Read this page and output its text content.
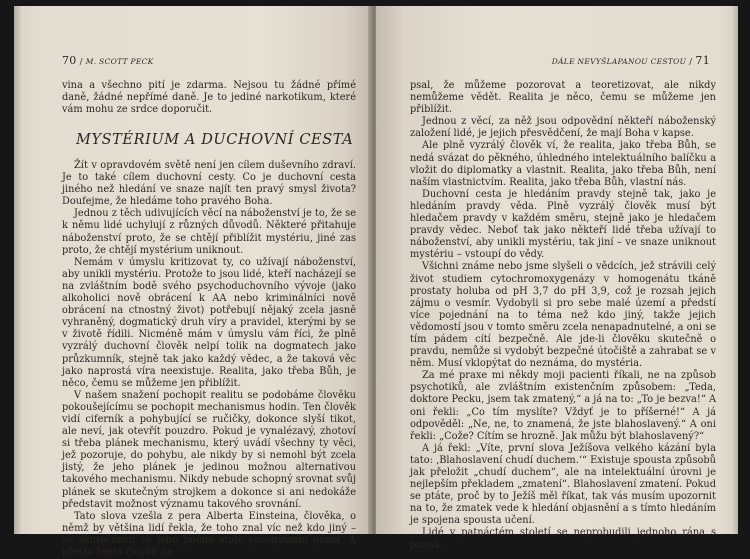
70 / M. SCOTT PECK

vina a všechno pití je zdarma. Nejsou tu žádné přímé daně, žádné nepřímé daně. Je to jediné narkotikum, které vám mohu ze srdce doporučit.

MYSTÉRIUM A DUCHOVNÍ CESTA

Žít v opravdovém světě není jen cílem duševního zdraví. Je to také cílem duchovní cesty. Co je duchovní cesta jiného než hledání ve snaze najít ten pravý smysl života? Doufejme, že hledáme toho pravého Boha.

Jednou z těch udivujících věcí na náboženství je to, že se k němu lidé uchylují z různých důvodů. Některé přitahuje náboženství proto, že se chtějí přiblížit mystériu, jiné zas proto, že chtějí mystérium uniknout.

Nemám v úmyslu kritizovat ty, co užívají náboženství, aby unikli mystériu. Protože to jsou lidé, kteří nacházejí se na zvláštním bodě svého psychoduchovního vývoje (jako alkoholici nově obrácení k AA nebo kriminálníci nově obrácení na ctnostný život) potřebují nějaký zcela jasně vyhraněný, dogmatický druh víry a pravidel, kterými by se v životě řídili. Nicméně mám v úmyslu vám říci, že plně vyzrálý duchovní člověk nelpí tolik na dogmatech jako průzkumník, stejně tak jako každý vědec, a že taková věc jako naprostá víra neexistuje. Realita, jako třeba Bůh, je něco, čemu se můžeme jen přiblížit.

V našem snažení pochopit realitu se podobáme člověku pokoušejícímu se pochopit mechanismus hodin. Ten člověk vidí ciferník a pohybující se ručičky, dokonce slyší tikot, ale neví, jak otevřít pouzdro. Pokud je vynalézavý, zhotoví si třeba plánek mechanismu, který uvádí všechny ty věci, jež pozoruje, do pohybu, ale nikdy by si nemohl být zcela jistý, že jeho plánek je jedinou možnou alternativou takového mechanismu. Nikdy nebude schopný srovnat svůj plánek se skutečným strojkem a dokonce si ani nedokáže představit možnost významu takového srovnání.

Tato slova vzešla z pera Alberta Einsteina, člověka, o němž by většina lidí řekla, že toho znal víc než kdo jiný – ve skutečnosti se jeho jméno stalo synonymem génia. A přesto tento člověk na-

DÁLE NEVYŠLAPANOU CESTOU / 71

psal, že můžeme pozorovat a teoretizovat, ale nikdy nemůžeme vědět. Realita je něco, čemu se můžeme jen přiblížit.

Jednou z věcí, za něž jsou odpovědní někteří náboženský založení lidé, je jejich přesvědčení, že mají Boha v kapse.

Ale plně vyzrálý člověk ví, že realita, jako třeba Bůh, se nedá svázat do pěkného, úhledného intelektuálního balíčku a vložit do diplomatky a vlastnit. Realita, jako třeba Bůh, není naším vlastnictvím. Realita, jako třeba Bůh, vlastní nás.

Duchovní cesta je hledáním pravdy stejně tak, jako je hledáním pravdy věda. Plně vyzrálý člověk musí být hledačem pravdy v každém směru, stejně jako je hledačem pravdy vědec. Neboť tak jako někteří lidé třeba užívají to náboženství, aby unikli mystériu, tak jiní – ve snaze uniknout mystériu – vstoupí do vědy.

Všichni známe nebo jsme slyšeli o vědcích, jež strávili celý život studiem cytochromoxygenázy v homogenátu tkáně prostaty holuba od pH 3,7 do pH 3,9, což je rozsah jejich zájmu o vesmír. Vydobyli si pro sebe malé území a předstí více pojednání na to téma než kdo jiný, takže jejich vědomostí jsou v tomto směru zcela nenapadnutelné, a oni se tím pádem cítí bezpečně. Ale jde-li člověku skutečně o pravdu, nemůže si vydobýt bezpečné útočiště a zahrabat se v něm. Musí vklopýtat do neznáma, do mystéria.

Za mé praxe mi někdy moji pacienti říkali, ne na způsob psychotiků, ale zvláštním existenčním způsobem: „Teda, doktore Pecku, jsem tak zmatený,“ a já na to: „To je bezva!“ A oni řekli: „Co tím myslíte? Vždyť je to příšerné!“ A já odpověděl: „Ne, ne, to znamená, že jste blahoslavený.“ A oni řekli: „Cože? Cítím se hrozně. Jak můžu být blahoslavený?“

A já řekl: „Víte, první slova Ježíšova velkého kázání byla tato: ‚Blahoslavení chudí duchem.‘“ Existuje spousta způsobů jak přeložit „chudí duchem“, ale na intelektuální úrovni je nejlepším překladem „zmatení“. Blahoslavení zmatení. Pokud se ptáte, proč by to Ježíš měl říkat, tak vás musím upozornit na to, že zmatek vede k hledání objasnění a s tímto hledáním je spojena spousta učení.

Lidé v patnáctém století se neprobudili jednoho rána s pozná-
